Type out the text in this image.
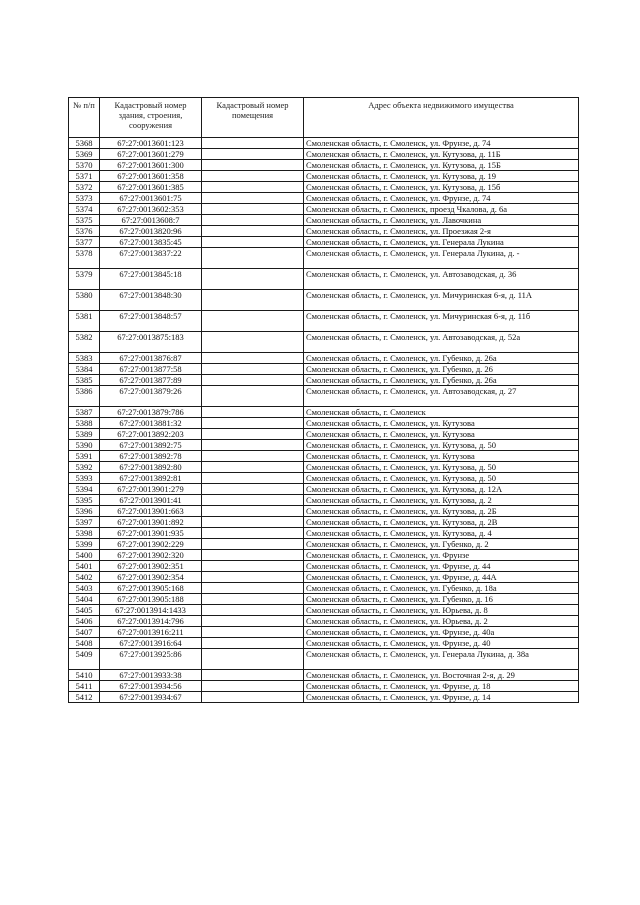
№ п/п	Кадастровый номер здания, строения, сооружения	Кадастровый номер помещения	Адрес объекта недвижимого имущества
5368	67:27:0013601:123		Смоленская область, г. Смоленск, ул. Фрунзе, д. 74
5369	67:27:0013601:279		Смоленская область, г. Смоленск, ул. Кутузова, д. 11Б
5370	67:27:0013601:300		Смоленская область, г. Смоленск, ул. Кутузова, д. 15Б
5371	67:27:0013601:358		Смоленская область, г. Смоленск, ул. Кутузова, д. 19
5372	67:27:0013601:385		Смоленская область, г. Смоленск, ул. Кутузова, д. 15б
5373	67:27:0013601:75		Смоленская область, г. Смоленск, ул. Фрунзе, д. 74
5374	67:27:0013602:353		Смоленская область, г. Смоленск, проезд Чкалова, д. 6а
5375	67:27:0013608:7		Смоленская область, г. Смоленск, ул. Лавочкина
5376	67:27:0013820:96		Смоленская область, г. Смоленск, ул. Проезжая 2-я
5377	67:27:0013835:45		Смоленская область, г. Смоленск, ул. Генерала Лукина
5378	67:27:0013837:22		Смоленская область, г. Смоленск, ул. Генерала Лукина, д. -
5379	67:27:0013845:18		Смоленская область, г. Смоленск, ул. Автозаводская, д. 36
5380	67:27:0013848:30		Смоленская область, г. Смоленск, ул. Мичуринская 6-я, д. 11А
5381	67:27:0013848:57		Смоленская область, г. Смоленск, ул. Мичуринская 6-я, д. 11б
5382	67:27:0013875:183		Смоленская область, г. Смоленск, ул. Автозаводская, д. 52а
5383	67:27:0013876:87		Смоленская область, г. Смоленск, ул. Губенко, д. 26а
5384	67:27:0013877:58		Смоленская область, г. Смоленск, ул. Губенко, д. 26
5385	67:27:0013877:89		Смоленская область, г. Смоленск, ул. Губенко, д. 26а
5386	67:27:0013879:26		Смоленская область, г. Смоленск, ул. Автозаводская, д. 27
5387	67:27:0013879:786		Смоленская область, г. Смоленск
5388	67:27:0013881:32		Смоленская область, г. Смоленск, ул. Кутузова
5389	67:27:0013892:203		Смоленская область, г. Смоленск, ул. Кутузова
5390	67:27:0013892:75		Смоленская область, г. Смоленск, ул. Кутузова, д. 50
5391	67:27:0013892:78		Смоленская область, г. Смоленск, ул. Кутузова
5392	67:27:0013892:80		Смоленская область, г. Смоленск, ул. Кутузова, д. 50
5393	67:27:0013892:81		Смоленская область, г. Смоленск, ул. Кутузова, д. 50
5394	67:27:0013901:279		Смоленская область, г. Смоленск, ул. Кутузова, д. 12А
5395	67:27:0013901:41		Смоленская область, г. Смоленск, ул. Кутузова, д. 2
5396	67:27:0013901:663		Смоленская область, г. Смоленск, ул. Кутузова, д. 2Б
5397	67:27:0013901:892		Смоленская область, г. Смоленск, ул. Кутузова, д. 2В
5398	67:27:0013901:935		Смоленская область, г. Смоленск, ул. Кутузова, д. 4
5399	67:27:0013902:229		Смоленская область, г. Смоленск, ул. Губенко, д. 2
5400	67:27:0013902:320		Смоленская область, г. Смоленск, ул. Фрунзе
5401	67:27:0013902:351		Смоленская область, г. Смоленск, ул. Фрунзе, д. 44
5402	67:27:0013902:354		Смоленская область, г. Смоленск, ул. Фрунзе, д. 44А
5403	67:27:0013905:168		Смоленская область, г. Смоленск, ул. Губенко, д. 18а
5404	67:27:0013905:188		Смоленская область, г. Смоленск, ул. Губенко, д. 16
5405	67:27:0013914:1433		Смоленская область, г. Смоленск, ул. Юрьева, д. 8
5406	67:27:0013914:796		Смоленская область, г. Смоленск, ул. Юрьева, д. 2
5407	67:27:0013916:211		Смоленская область, г. Смоленск, ул. Фрунзе, д. 40а
5408	67:27:0013916:64		Смоленская область, г. Смоленск, ул. Фрунзе, д. 40
5409	67:27:0013925:86		Смоленская область, г. Смоленск, ул. Генерала Лукина, д. 38а
5410	67:27:0013933:38		Смоленская область, г. Смоленск, ул. Восточная 2-я, д. 29
5411	67:27:0013934:56		Смоленская область, г. Смоленск, ул. Фрунзе, д. 18
5412	67:27:0013934:67		Смоленская область, г. Смоленск, ул. Фрунзе, д. 14
